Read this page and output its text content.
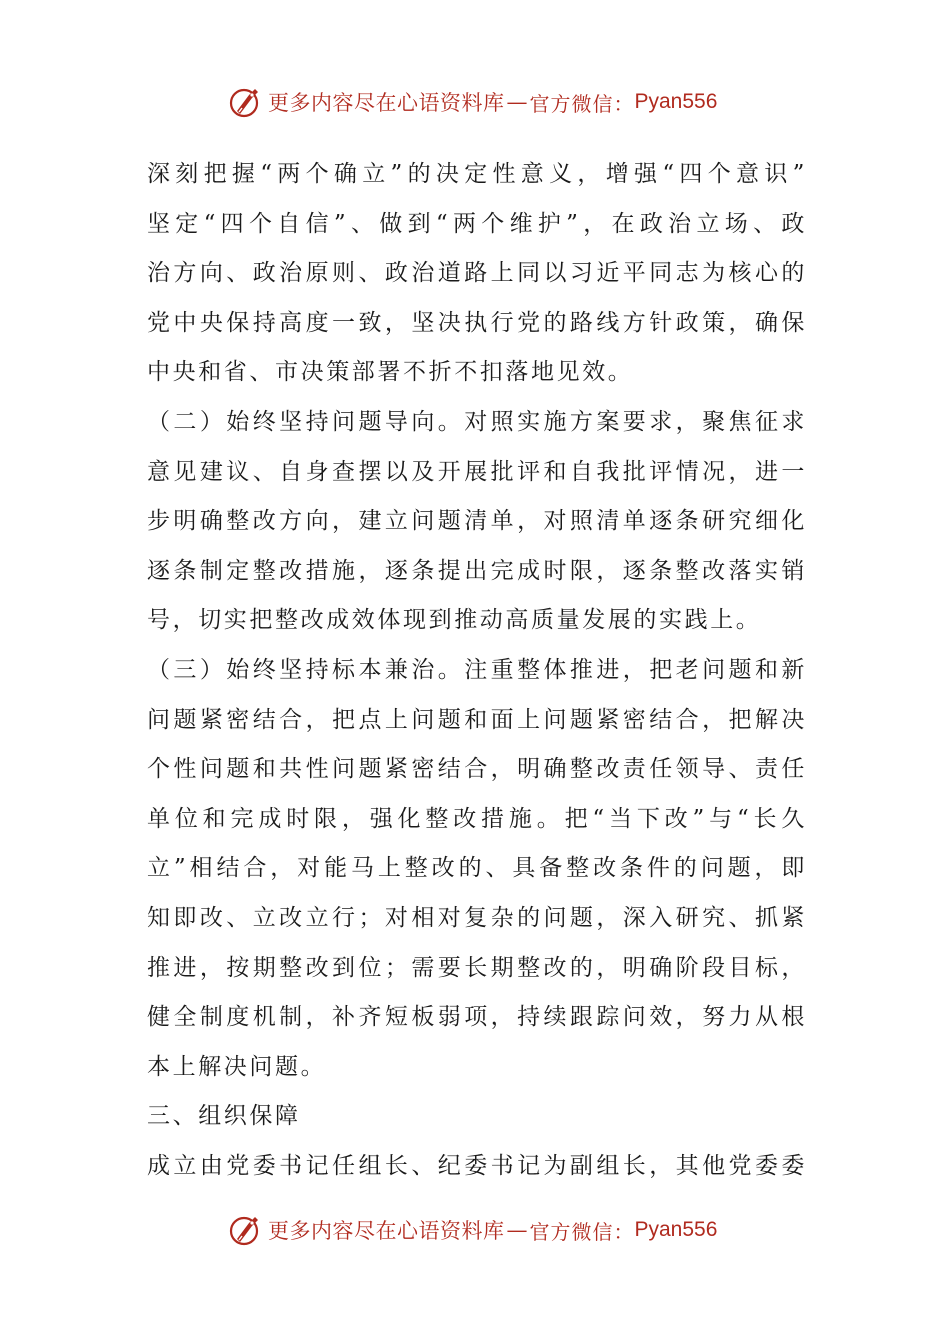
更多内容尽在心语资料库 — 官方微信： Pyan556
深刻把握“两个确立”的决定性意义，增强“四个意识”
坚定“四个自信”、做到“两个维护”，在政治立场、政
治方向、政治原则、政治道路上同以习近平同志为核心的
党中央保持高度一致，坚决执行党的路线方针政策，确保
中央和省、市决策部署不折不扣落地见效。
（二）始终坚持问题导向。对照实施方案要求，聚焦征求
意见建议、自身查摆以及开展批评和自我批评情况，进一
步明确整改方向，建立问题清单，对照清单逐条研究细化
逐条制定整改措施，逐条提出完成时限，逐条整改落实销
号，切实把整改成效体现到推动高质量发展的实践上。
（三）始终坚持标本兼治。注重整体推进，把老问题和新
问题紧密结合，把点上问题和面上问题紧密结合，把解决
个性问题和共性问题紧密结合，明确整改责任领导、责任
单位和完成时限，强化整改措施。把“当下改”与“长久
立”相结合，对能马上整改的、具备整改条件的问题，即
知即改、立改立行；对相对复杂的问题，深入研究、抓紧
推进，按期整改到位；需要长期整改的，明确阶段目标，
健全制度机制，补齐短板弱项，持续跟踪问效，努力从根
本上解决问题。
三、组织保障
成立由党委书记任组长、纪委书记为副组长，其他党委委
更多内容尽在心语资料库 — 官方微信： Pyan556
